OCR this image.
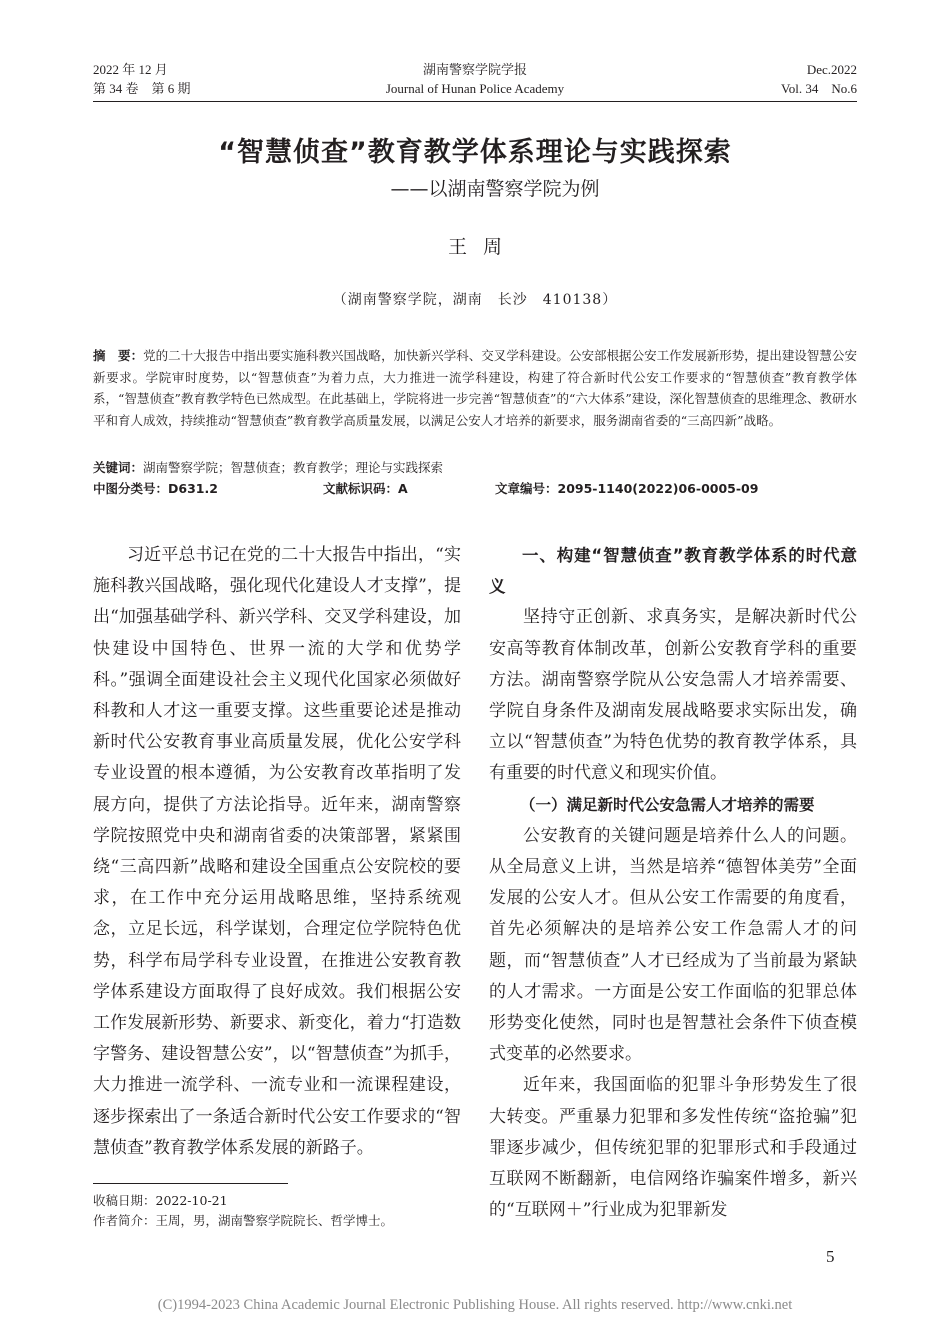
2022 年 12 月
第 34 卷　第 6 期
湖南警察学院学报
Journal of Hunan Police Academy
Dec.2022
Vol. 34　No.6
“智慧侦查”教育教学体系理论与实践探索
——以湖南警察学院为例
王周
（湖南警察学院，湖南　长沙　410138）
摘　要：党的二十大报告中指出要实施科教兴国战略，加快新兴学科、交叉学科建设。公安部根据公安工作发展新形势，提出建设智慧公安新要求。学院审时度势，以“智慧侦查”为着力点，大力推进一流学科建设，构建了符合新时代公安工作要求的“智慧侦查”教育教学体系，“智慧侦查”教育教学特色已然成型。在此基础上，学院将进一步完善“智慧侦查”的“六大体系”建设，深化智慧侦查的思维理念、教研水平和育人成效，持续推动“智慧侦查”教育教学高质量发展，以满足公安人才培养的新要求，服务湖南省委的“三高四新”战略。
关键词：湖南警察学院；智慧侦查；教育教学；理论与实践探索
中图分类号：D631.2	文献标识码：A	文章编号：2095-1140(2022)06-0005-09

习近平总书记在党的二十大报告中指出，“实施科教兴国战略，强化现代化建设人才支撑”，提出“加强基础学科、新兴学科、交叉学科建设，加快建设中国特色、世界一流的大学和优势学科。”强调全面建设社会主义现代化国家必须做好科教和人才这一重要支撑。这些重要论述是推动新时代公安教育事业高质量发展，优化公安学科专业设置的根本遵循，为公安教育改革指明了发展方向，提供了方法论指导。近年来，湖南警察学院按照党中央和湖南省委的决策部署，紧紧围绕“三高四新”战略和建设全国重点公安院校的要求，在工作中充分运用战略思维，坚持系统观念，立足长远，科学谋划，合理定位学院特色优势，科学布局学科专业设置，在推进公安教育教学体系建设方面取得了良好成效。我们根据公安工作发展新形势、新要求、新变化，着力“打造数字警务、建设智慧公安”，以“智慧侦查”为抓手，大力推进一流学科、一流专业和一流课程建设，逐步探索出了一条适合新时代公安工作要求的“智慧侦查”教育教学体系发展的新路子。

一、构建“智慧侦查”教育教学体系的时代意义

坚持守正创新、求真务实，是解决新时代公安高等教育体制改革，创新公安教育学科的重要方法。湖南警察学院从公安急需人才培养需要、学院自身条件及湖南发展战略要求实际出发，确立以“智慧侦查”为特色优势的教育教学体系，具有重要的时代意义和现实价值。

（一）满足新时代公安急需人才培养的需要

公安教育的关键问题是培养什么人的问题。从全局意义上讲，当然是培养“德智体美劳”全面发展的公安人才。但从公安工作需要的角度看，首先必须解决的是培养公安工作急需人才的问题，而“智慧侦查”人才已经成为了当前最为紧缺的人才需求。一方面是公安工作面临的犯罪总体形势变化使然，同时也是智慧社会条件下侦查模式变革的必然要求。

近年来，我国面临的犯罪斗争形势发生了很大转变。严重暴力犯罪和多发性传统“盗抢骗”犯罪逐步减少，但传统犯罪的犯罪形式和手段通过互联网不断翻新，电信网络诈骗案件增多，新兴的“互联网＋”行业成为犯罪新发

收稿日期：2022-10-21
作者简介：王周，男，湖南警察学院院长、哲学博士。
5
(C)1994-2023 China Academic Journal Electronic Publishing House. All rights reserved. http://www.cnki.net
